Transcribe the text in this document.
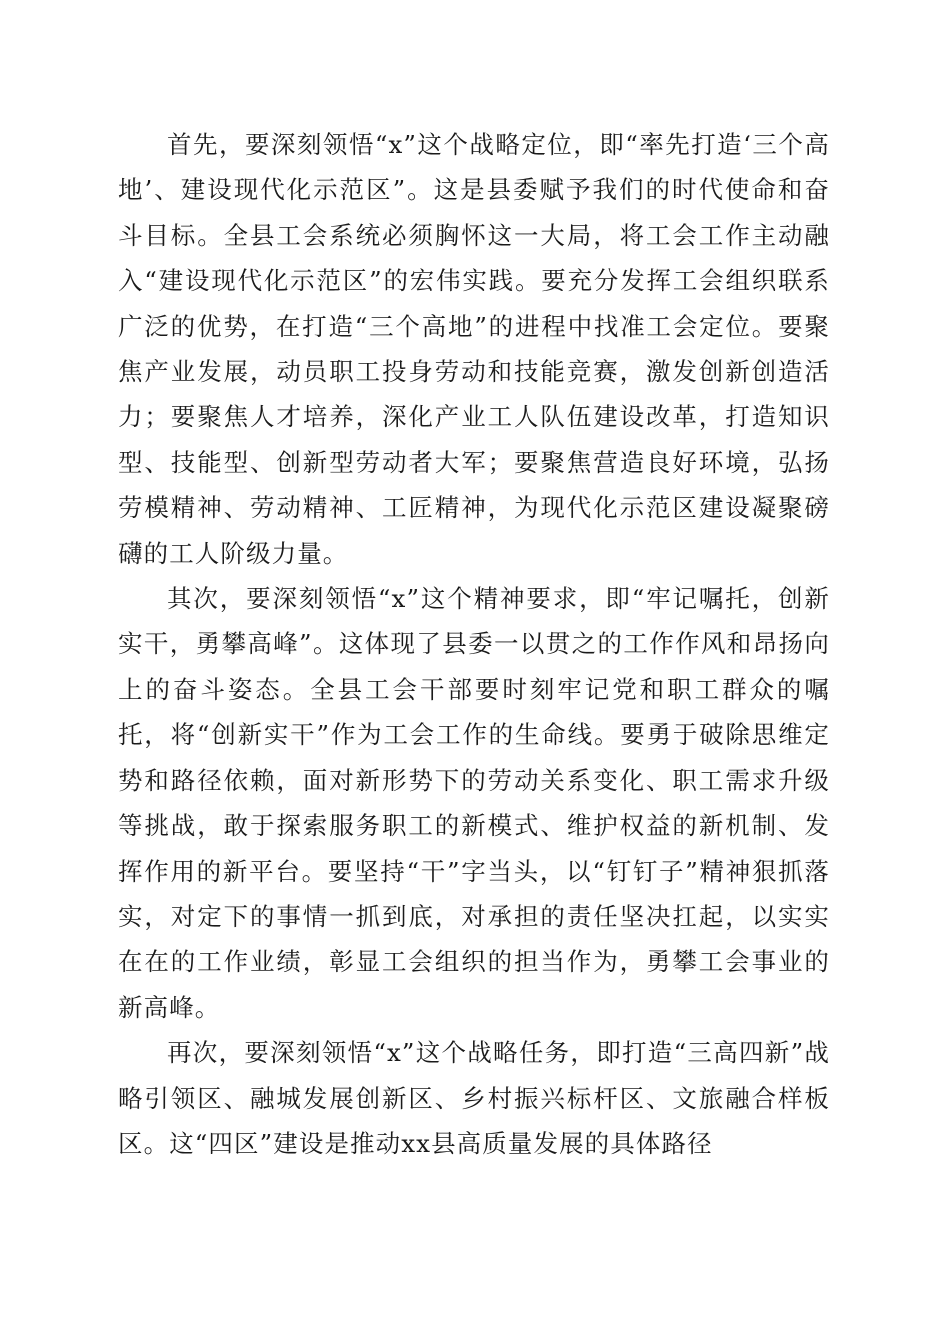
首先，要深刻领悟“x”这个战略定位，即“率先打造‘三个高地’、建设现代化示范区”。这是县委赋予我们的时代使命和奋斗目标。全县工会系统必须胸怀这一大局，将工会工作主动融入“建设现代化示范区”的宏伟实践。要充分发挥工会组织联系广泛的优势，在打造“三个高地”的进程中找准工会定位。要聚焦产业发展，动员职工投身劳动和技能竞赛，激发创新创造活力；要聚焦人才培养，深化产业工人队伍建设改革，打造知识型、技能型、创新型劳动者大军；要聚焦营造良好环境，弘扬劳模精神、劳动精神、工匠精神，为现代化示范区建设凝聚磅礴的工人阶级力量。

其次，要深刻领悟“x”这个精神要求，即“牢记嘱托，创新实干，勇攀高峰”。这体现了县委一以贯之的工作作风和昂扬向上的奋斗姿态。全县工会干部要时刻牢记党和职工群众的嘱托，将“创新实干”作为工会工作的生命线。要勇于破除思维定势和路径依赖，面对新形势下的劳动关系变化、职工需求升级等挑战，敢于探索服务职工的新模式、维护权益的新机制、发挥作用的新平台。要坚持“干”字当头，以“钉钉子”精神狠抓落实，对定下的事情一抓到底，对承担的责任坚决扛起，以实实在在的工作业绩，彰显工会组织的担当作为，勇攀工会事业的新高峰。

再次，要深刻领悟“x”这个战略任务，即打造“三高四新”战略引领区、融城发展创新区、乡村振兴标杆区、文旅融合样板区。这“四区”建设是推动xx县高质量发展的具体路径
